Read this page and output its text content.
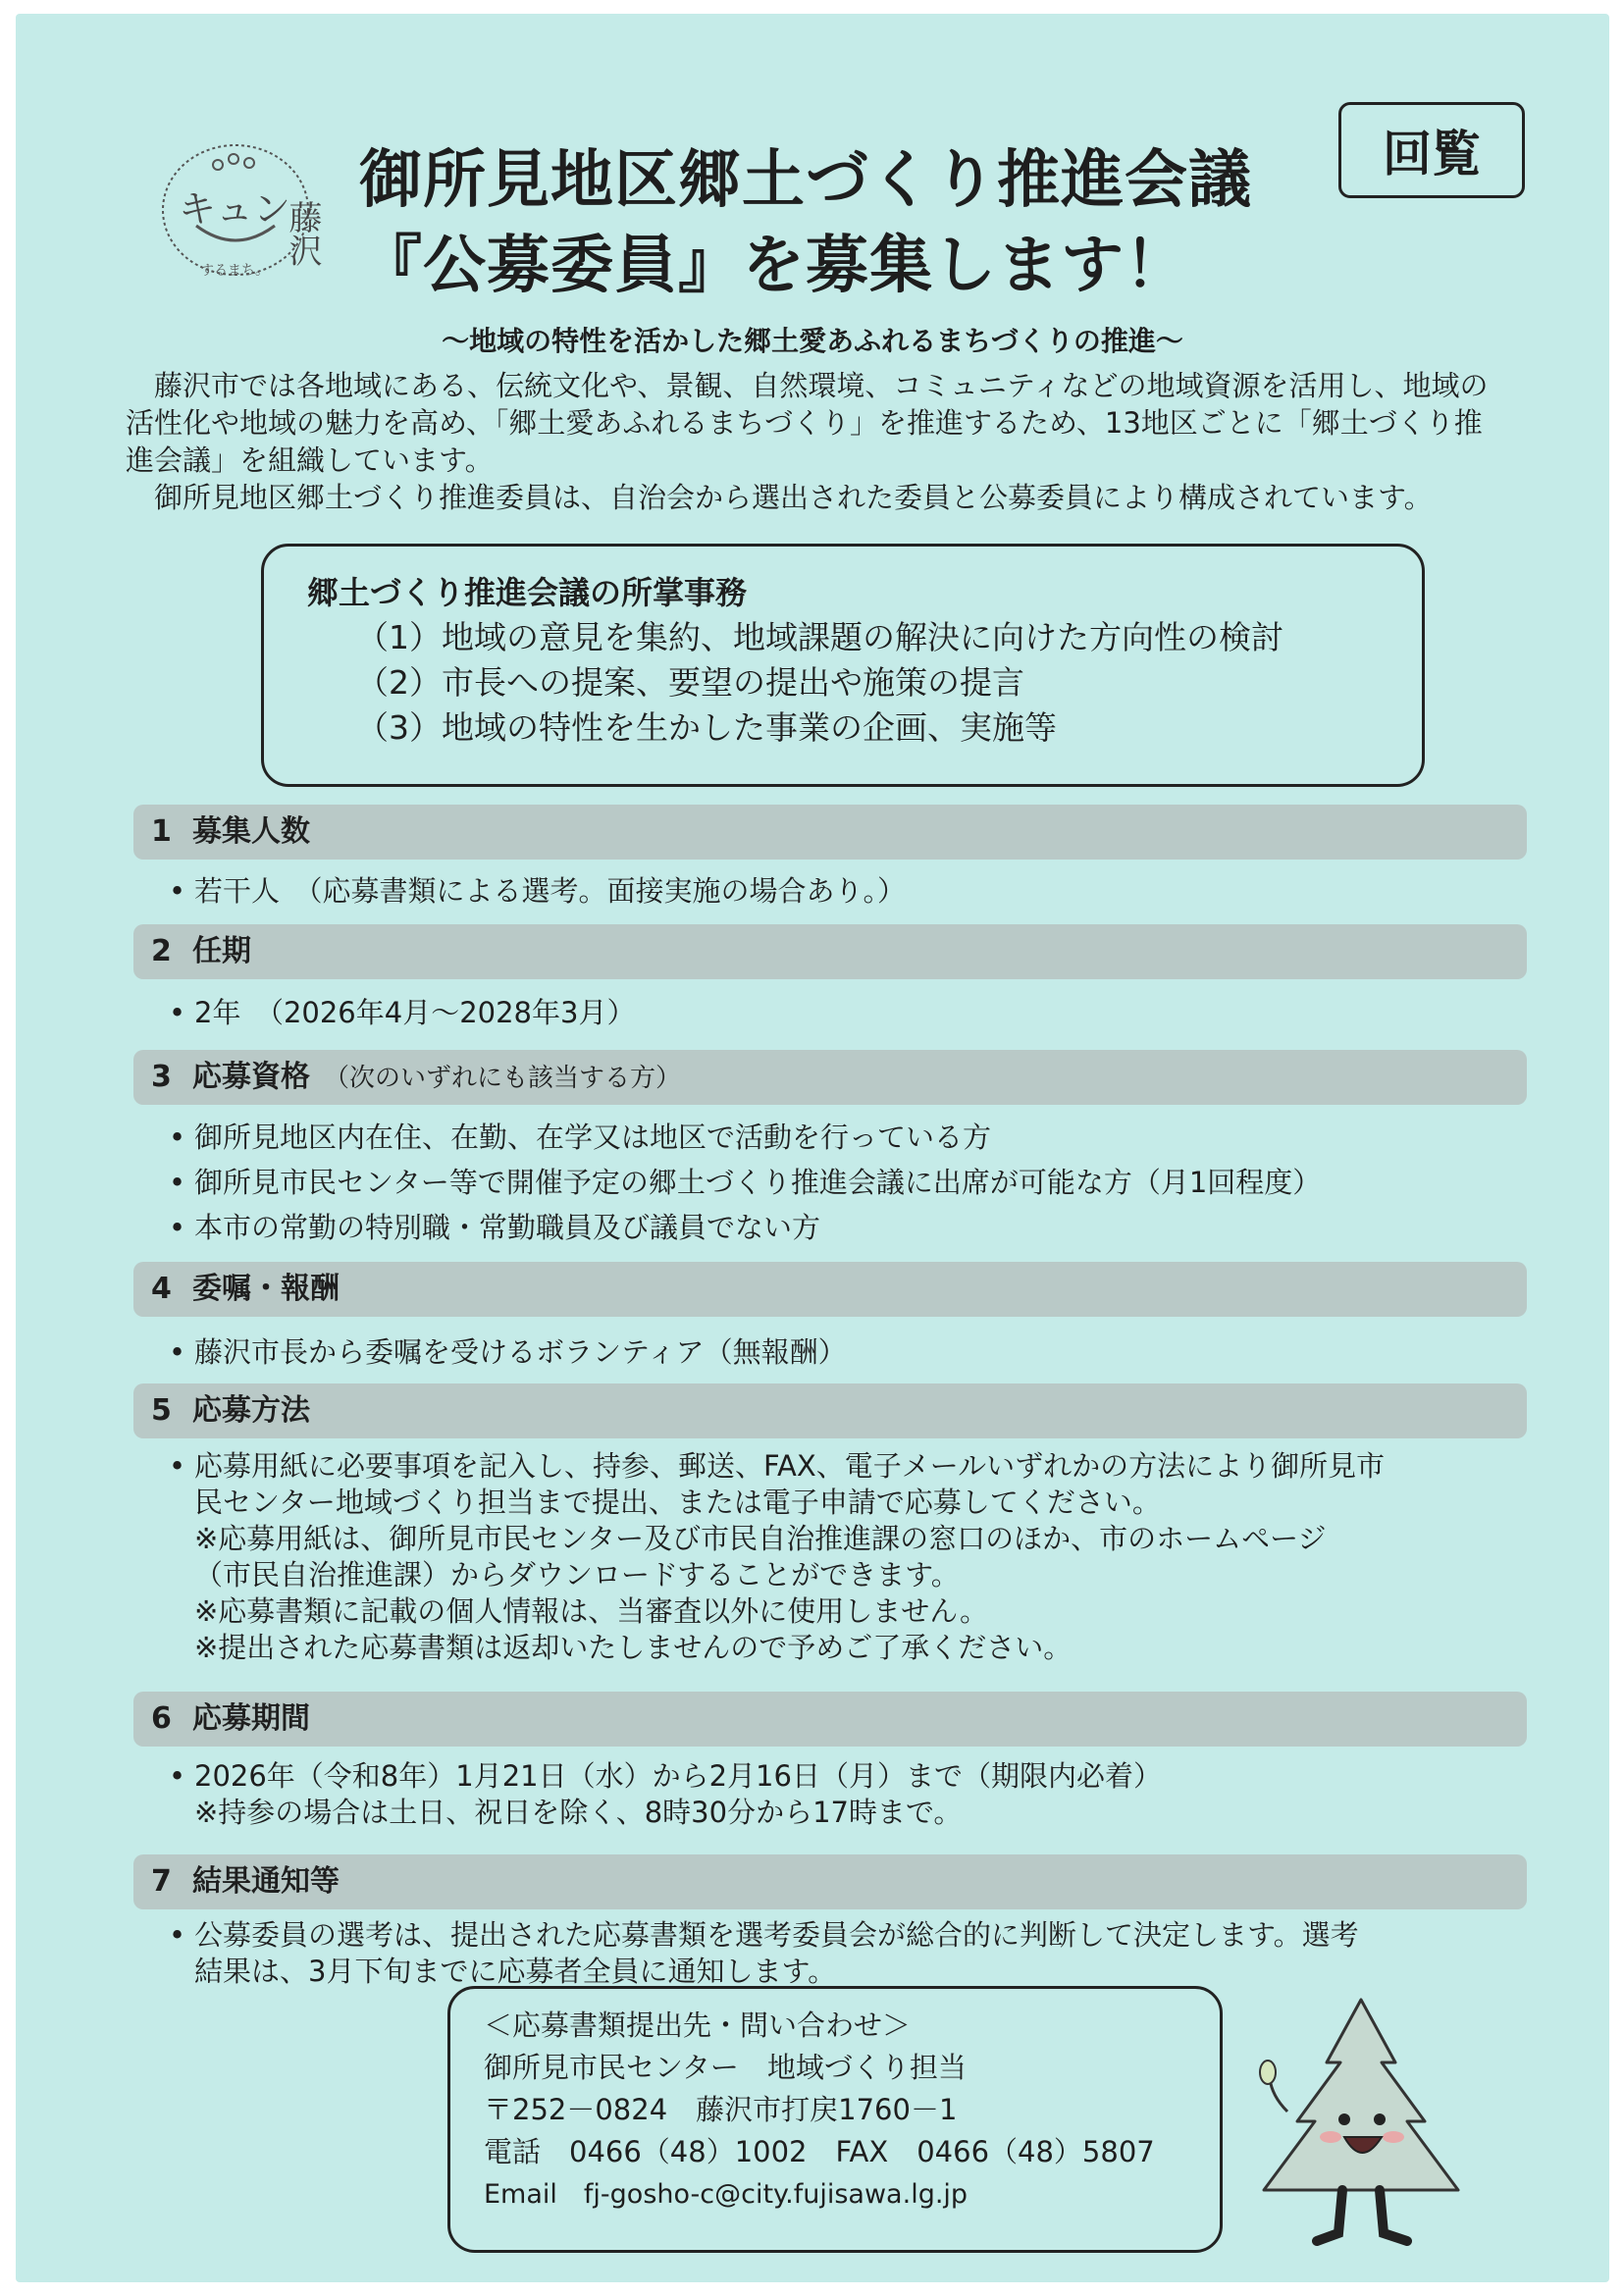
キュン
藤沢
するまち。
御所見地区郷土づくり推進会議
『公募委員』を募集します！
回覧
～地域の特性を活かした郷土愛あふれるまちづくりの推進～

藤沢市では各地域にある、伝統文化や、景観、自然環境、コミュニティなどの地域資源を活用し、地域の活性化や地域の魅力を高め、「郷土愛あふれるまちづくり」を推進するため、13地区ごとに「郷土づくり推進会議」を組織しています。

御所見地区郷土づくり推進委員は、自治会から選出された委員と公募委員により構成されています。

郷土づくり推進会議の所掌事務
（1）地域の意見を集約、地域課題の解決に向けた方向性の検討
（2）市長への提案、要望の提出や施策の提言
（3）地域の特性を生かした事業の企画、実施等
1 募集人数
• 若干人　（応募書類による選考。面接実施の場合あり。）
2 任期
• 2年　（2026年4月～2028年3月）
3 応募資格 （次のいずれにも該当する方）
• 御所見地区内在住、在勤、在学又は地区で活動を行っている方
• 御所見市民センター等で開催予定の郷土づくり推進会議に出席が可能な方（月1回程度）
• 本市の常勤の特別職・常勤職員及び議員でない方
4 委嘱・報酬
• 藤沢市長から委嘱を受けるボランティア（無報酬）
5 応募方法
• 応募用紙に必要事項を記入し、持参、郵送、FAX、電子メールいずれかの方法により御所見市
民センター地域づくり担当まで提出、または電子申請で応募してください。
※応募用紙は、御所見市民センター及び市民自治推進課の窓口のほか、市のホームページ
（市民自治推進課）からダウンロードすることができます。
※応募書類に記載の個人情報は、当審査以外に使用しません。
※提出された応募書類は返却いたしませんので予めご了承ください。
6 応募期間
• 2026年（令和8年）1月21日（水）から2月16日（月）まで（期限内必着）
※持参の場合は土日、祝日を除く、8時30分から17時まで。
7 結果通知等
• 公募委員の選考は、提出された応募書類を選考委員会が総合的に判断して決定します。選考
結果は、3月下旬までに応募者全員に通知します。
＜応募書類提出先・問い合わせ＞
御所見市民センター　地域づくり担当
〒252－0824　藤沢市打戻1760－1
電話　0466（48）1002　FAX　0466（48）5807
Email　fj-gosho-c@city.fujisawa.lg.jp
